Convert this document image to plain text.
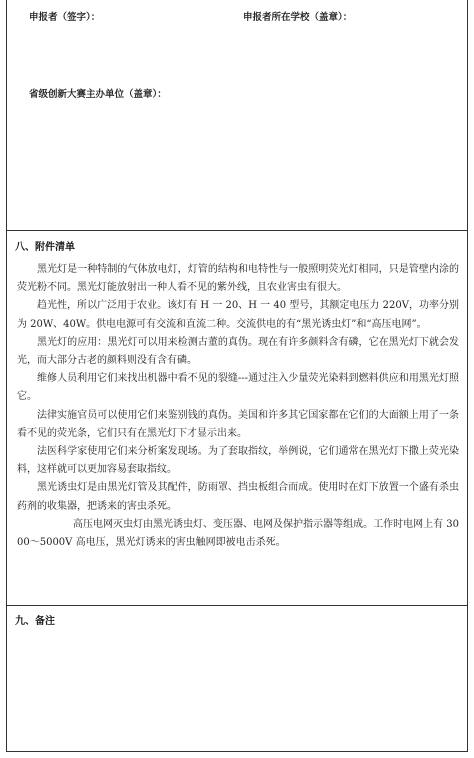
申报者（签字）：	申报者所在学校（盖章）：
省级创新大赛主办单位（盖章）：
八、附件清单

黑光灯是一种特制的气体放电灯，灯管的结构和电特性与一般照明荧光灯相同，只是管壁内涂的荧光粉不同。黑光灯能放射出一种人看不见的紫外线，且农业害虫有很大。

趋光性，所以广泛用于农业。该灯有 H 一 20、H 一 40 型号，其额定电压力 220V，功率分别为 20W、40W。供电电源可有交流和直流二种。交流供电的有“黑光诱虫灯”和“高压电网”。

黑光灯的应用：黑光灯可以用来检测古董的真伪。现在有许多颜料含有磷，它在黑光灯下就会发光，而大部分古老的颜料则没有含有磷。

维修人员利用它们来找出机器中看不见的裂缝---通过注入少量荧光染料到燃料供应和用黑光灯照它。

法律实施官员可以使用它们来鉴别钱的真伪。美国和许多其它国家都在它们的大面额上用了一条看不见的荧光条，它们只有在黑光灯下才显示出来。

法医科学家使用它们来分析案发现场。为了套取指纹，举例说，它们通常在黑光灯下撒上荧光染料，这样就可以更加容易套取指纹。

黑光诱虫灯是由黑光灯管及其配件，防雨罩、挡虫板组合而成。使用时在灯下放置一个盛有杀虫药剂的收集器，把诱来的害虫杀死。

高压电网灭虫灯由黑光诱虫灯、变压器、电网及保护指示器等组成。工作时电网上有 3000～5000V 高电压，黑光灯诱来的害虫触网即被电击杀死。

九、备注
